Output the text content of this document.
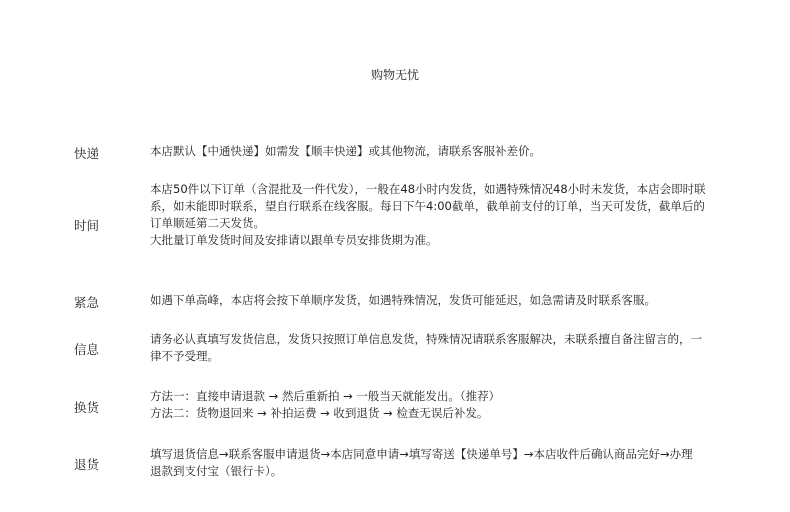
购物无忧
快递	本店默认【中通快递】如需发【顺丰快递】或其他物流，请联系客服补差价。
时间
本店50件以下订单（含混批及一件代发），一般在48小时内发货，如遇特殊情况48小时未发货，本店会即时联
系，如未能即时联系，望自行联系在线客服。每日下午4:00截单，截单前支付的订单，当天可发货，截单后的
订单顺延第二天发货。
大批量订单发货时间及安排请以跟单专员安排货期为准。
紧急	如遇下单高峰，本店将会按下单顺序发货，如遇特殊情况，发货可能延迟，如急需请及时联系客服。
信息
请务必认真填写发货信息，发货只按照订单信息发货，特殊情况请联系客服解决，未联系擅自备注留言的，一
律不予受理。
换货
方法一：直接申请退款 → 然后重新拍 → 一般当天就能发出。（推荐）
方法二：货物退回来 → 补拍运费 → 收到退货 → 检查无误后补发。
退货
填写退货信息→联系客服申请退货→本店同意申请→填写寄送【快递单号】→本店收件后确认商品完好→办理
退款到支付宝（银行卡）。
